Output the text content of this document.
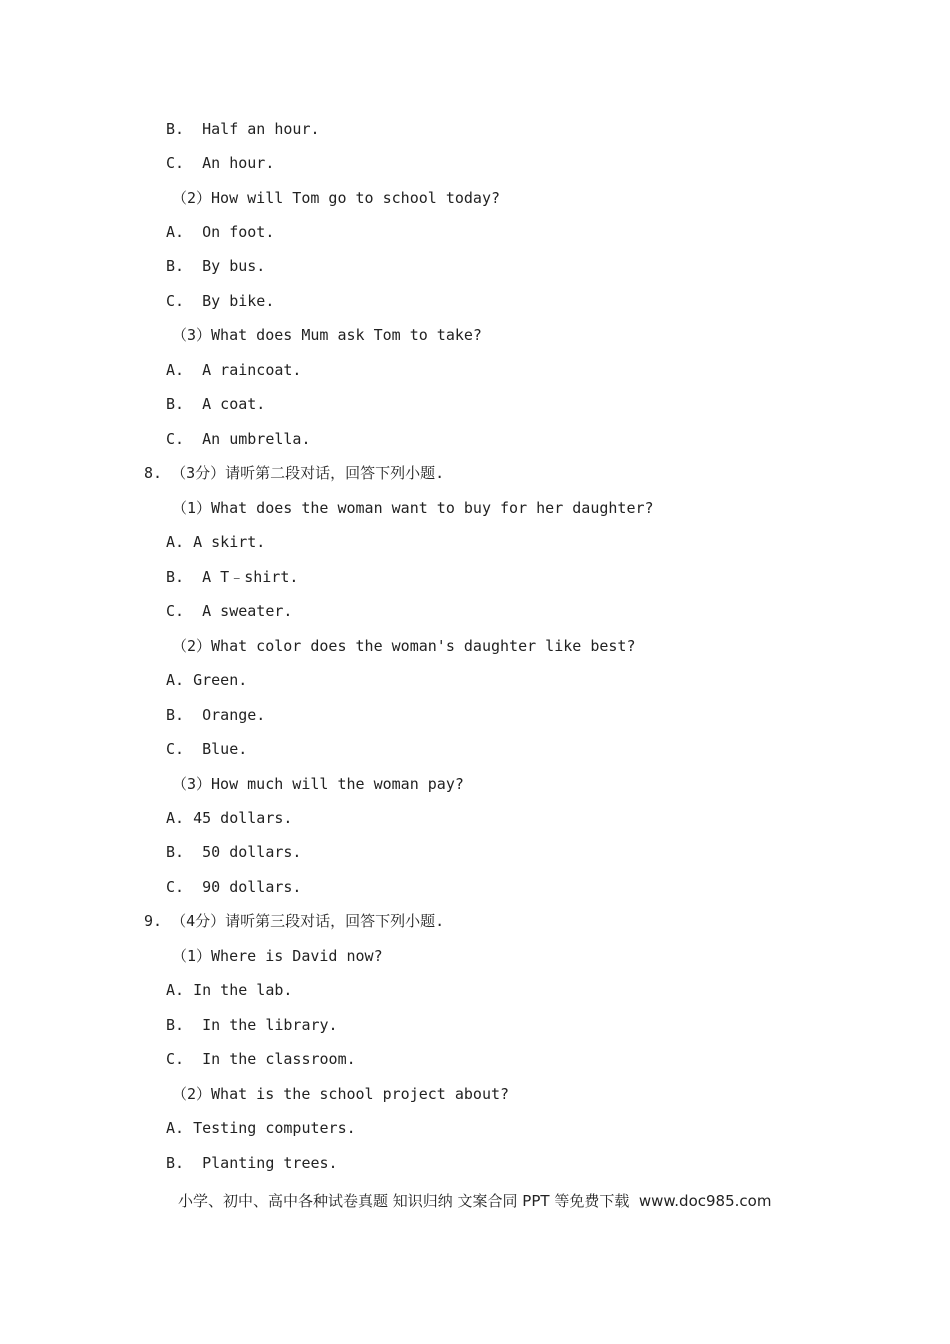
B.  Half an hour.
C.  An hour.
（2）How will Tom go to school today?
A.  On foot.
B.  By bus.
C.  By bike.
（3）What does Mum ask Tom to take?
A.  A raincoat.
B.  A coat.
C.  An umbrella.
8. （3分）请听第二段对话，回答下列小题.
（1）What does the woman want to buy for her daughter?
A. A skirt.
B.  A T﹣shirt.
C.  A sweater.
（2）What color does the woman's daughter like best?
A. Green.
B.  Orange.
C.  Blue.
（3）How much will the woman pay?
A. 45 dollars.
B.  50 dollars.
C.  90 dollars.
9. （4分）请听第三段对话，回答下列小题.
（1）Where is David now?
A. In the lab.
B.  In the library.
C.  In the classroom.
（2）What is the school project about?
A. Testing computers.
B.  Planting trees.
小学、初中、高中各种试卷真题 知识归纳 文案合同 PPT 等免费下载  www.doc985.com
